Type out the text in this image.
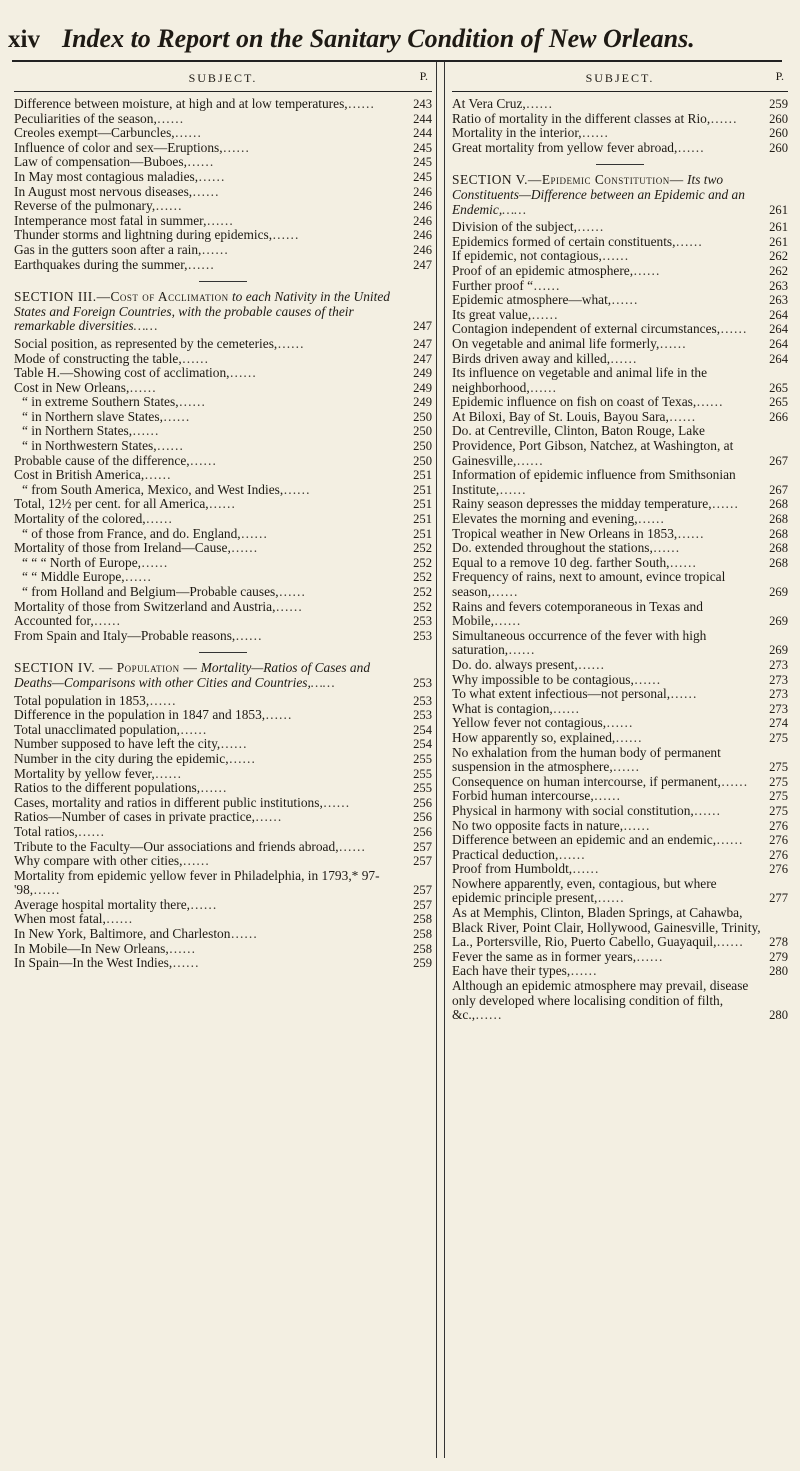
xiv Index to Report on the Sanitary Condition of New Orleans.
SUBJECT.	P.	SUBJECT.	P.
Difference between moisture, at high and at low temperatures,……	243
Peculiarities of the season,……	244
Creoles exempt—Carbuncles,……	244
Influence of color and sex—Eruptions,……	245
Law of compensation—Buboes,……	245
In May most contagious maladies,……	245
In August most nervous diseases,……	246
Reverse of the pulmonary,……	246
Intemperance most fatal in summer,……	246
Thunder storms and lightning during epidemics,……	246
Gas in the gutters soon after a rain,……	246
Earthquakes during the summer,……	247
SECTION III.—Cost of Acclimation to each Nativity in the United States and Foreign Countries, with the probable causes of their remarkable diversities……	247
Social position, as represented by the cemeteries,……	247
Mode of constructing the table,……	247
Table H.—Showing cost of acclimation,……	249
Cost in New Orleans,……	249
“ in extreme Southern States,……	249
“ in Northern slave States,……	250
“ in Northern States,……	250
“ in Northwestern States,……	250
Probable cause of the difference,……	250
Cost in British America,……	251
“ from South America, Mexico, and West Indies,……	251
Total, 12½ per cent. for all America,……	251
Mortality of the colored,……	251
“ of those from France, and do. England,……	251
Mortality of those from Ireland—Cause,……	252
“ “ “ North of Europe,……	252
“ “ Middle Europe,……	252
“ from Holland and Belgium—Probable causes,……	252
Mortality of those from Switzerland and Austria,……	252
Accounted for,……	253
From Spain and Italy—Probable reasons,……	253
SECTION IV. — Population — Mortality—Ratios of Cases and Deaths—Comparisons with other Cities and Countries,……	253
Total population in 1853,……	253
Difference in the population in 1847 and 1853,……	253
Total unacclimated population,……	254
Number supposed to have left the city,……	254
Number in the city during the epidemic,……	255
Mortality by yellow fever,……	255
Ratios to the different populations,……	255
Cases, mortality and ratios in different public institutions,……	256
Ratios—Number of cases in private practice,……	256
Total ratios,……	256
Tribute to the Faculty—Our associations and friends abroad,……	257
Why compare with other cities,……	257
Mortality from epidemic yellow fever in Philadelphia, in 1793,* 97-'98,……	257
Average hospital mortality there,……	257
When most fatal,……	258
In New York, Baltimore, and Charleston……	258
In Mobile—In New Orleans,……	258
In Spain—In the West Indies,……	259
At Vera Cruz,……	259
Ratio of mortality in the different classes at Rio,……	260
Mortality in the interior,……	260
Great mortality from yellow fever abroad,……	260
SECTION V.—Epidemic Constitution— Its two Constituents—Difference between an Epidemic and an Endemic,……	261
Division of the subject,……	261
Epidemics formed of certain constituents,……	261
If epidemic, not contagious,……	262
Proof of an epidemic atmosphere,……	262
Further proof “……	263
Epidemic atmosphere—what,……	263
Its great value,……	264
Contagion independent of external circumstances,……	264
On vegetable and animal life formerly,……	264
Birds driven away and killed,……	264
Its influence on vegetable and animal life in the neighborhood,……	265
Epidemic influence on fish on coast of Texas,……	265
At Biloxi, Bay of St. Louis, Bayou Sara,……	266
Do. at Centreville, Clinton, Baton Rouge, Lake Providence, Port Gibson, Natchez, at Washington, at Gainesville,……	267
Information of epidemic influence from Smithsonian Institute,……	267
Rainy season depresses the midday temperature,……	268
Elevates the morning and evening,……	268
Tropical weather in New Orleans in 1853,……	268
Do. extended throughout the stations,……	268
Equal to a remove 10 deg. farther South,……	268
Frequency of rains, next to amount, evince tropical season,……	269
Rains and fevers cotemporaneous in Texas and Mobile,……	269
Simultaneous occurrence of the fever with high saturation,……	269
Do. do. always present,……	273
Why impossible to be contagious,……	273
To what extent infectious—not personal,……	273
What is contagion,……	273
Yellow fever not contagious,……	274
How apparently so, explained,……	275
No exhalation from the human body of permanent suspension in the atmosphere,……	275
Consequence on human intercourse, if permanent,……	275
Forbid human intercourse,……	275
Physical in harmony with social constitution,……	275
No two opposite facts in nature,……	276
Difference between an epidemic and an endemic,……	276
Practical deduction,……	276
Proof from Humboldt,……	276
Nowhere apparently, even, contagious, but where epidemic principle present,……	277
As at Memphis, Clinton, Bladen Springs, at Cahawba, Black River, Point Clair, Hollywood, Gainesville, Trinity, La., Portersville, Rio, Puerto Cabello, Guayaquil,……	278
Fever the same as in former years,……	279
Each have their types,……	280
Although an epidemic atmosphere may prevail, disease only developed where localising condition of filth, &c.,……	280
